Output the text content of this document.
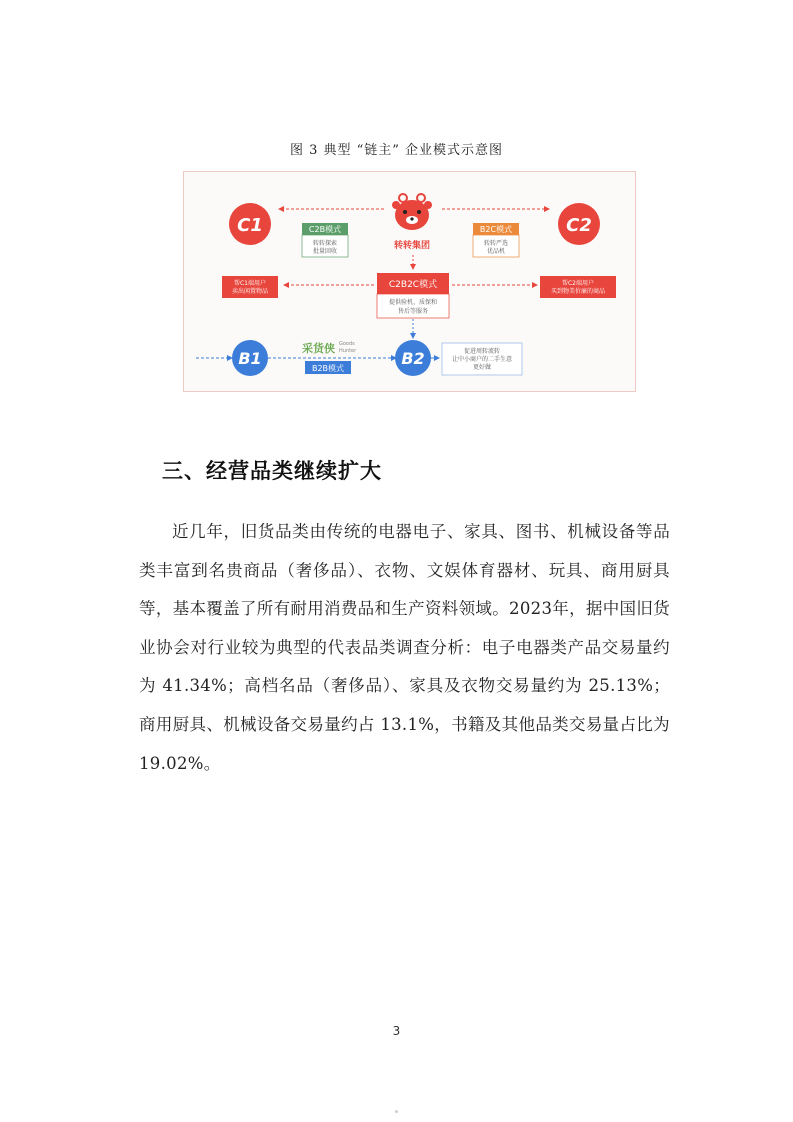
图 3 典型 “链主” 企业模式示意图
C1	C2
转转集团
C2B模式
转转探索
批量回收
B2C模式
转转严选
优品机
C2B2C模式
提供验机、质保和
售后等服务
帮C1端用户
卖出闲置物品
帮C2端用户
买到物美价廉的商品
B1	B2
采货侠 Goods
Hunter
B2B模式
促进周转流转
让中小商户的二手生意
更好做
三、经营品类继续扩大

近几年，旧货品类由传统的电器电子、家具、图书、机械设备等品类丰富到名贵商品（奢侈品）、衣物、文娱体育器材、玩具、商用厨具等，基本覆盖了所有耐用消费品和生产资料领域。2023年，据中国旧货业协会对行业较为典型的代表品类调查分析：电子电器类产品交易量约为 41.34%；高档名品（奢侈品）、家具及衣物交易量约为 25.13%；商用厨具、机械设备交易量约占 13.1%，书籍及其他品类交易量占比为 19.02%。

3
